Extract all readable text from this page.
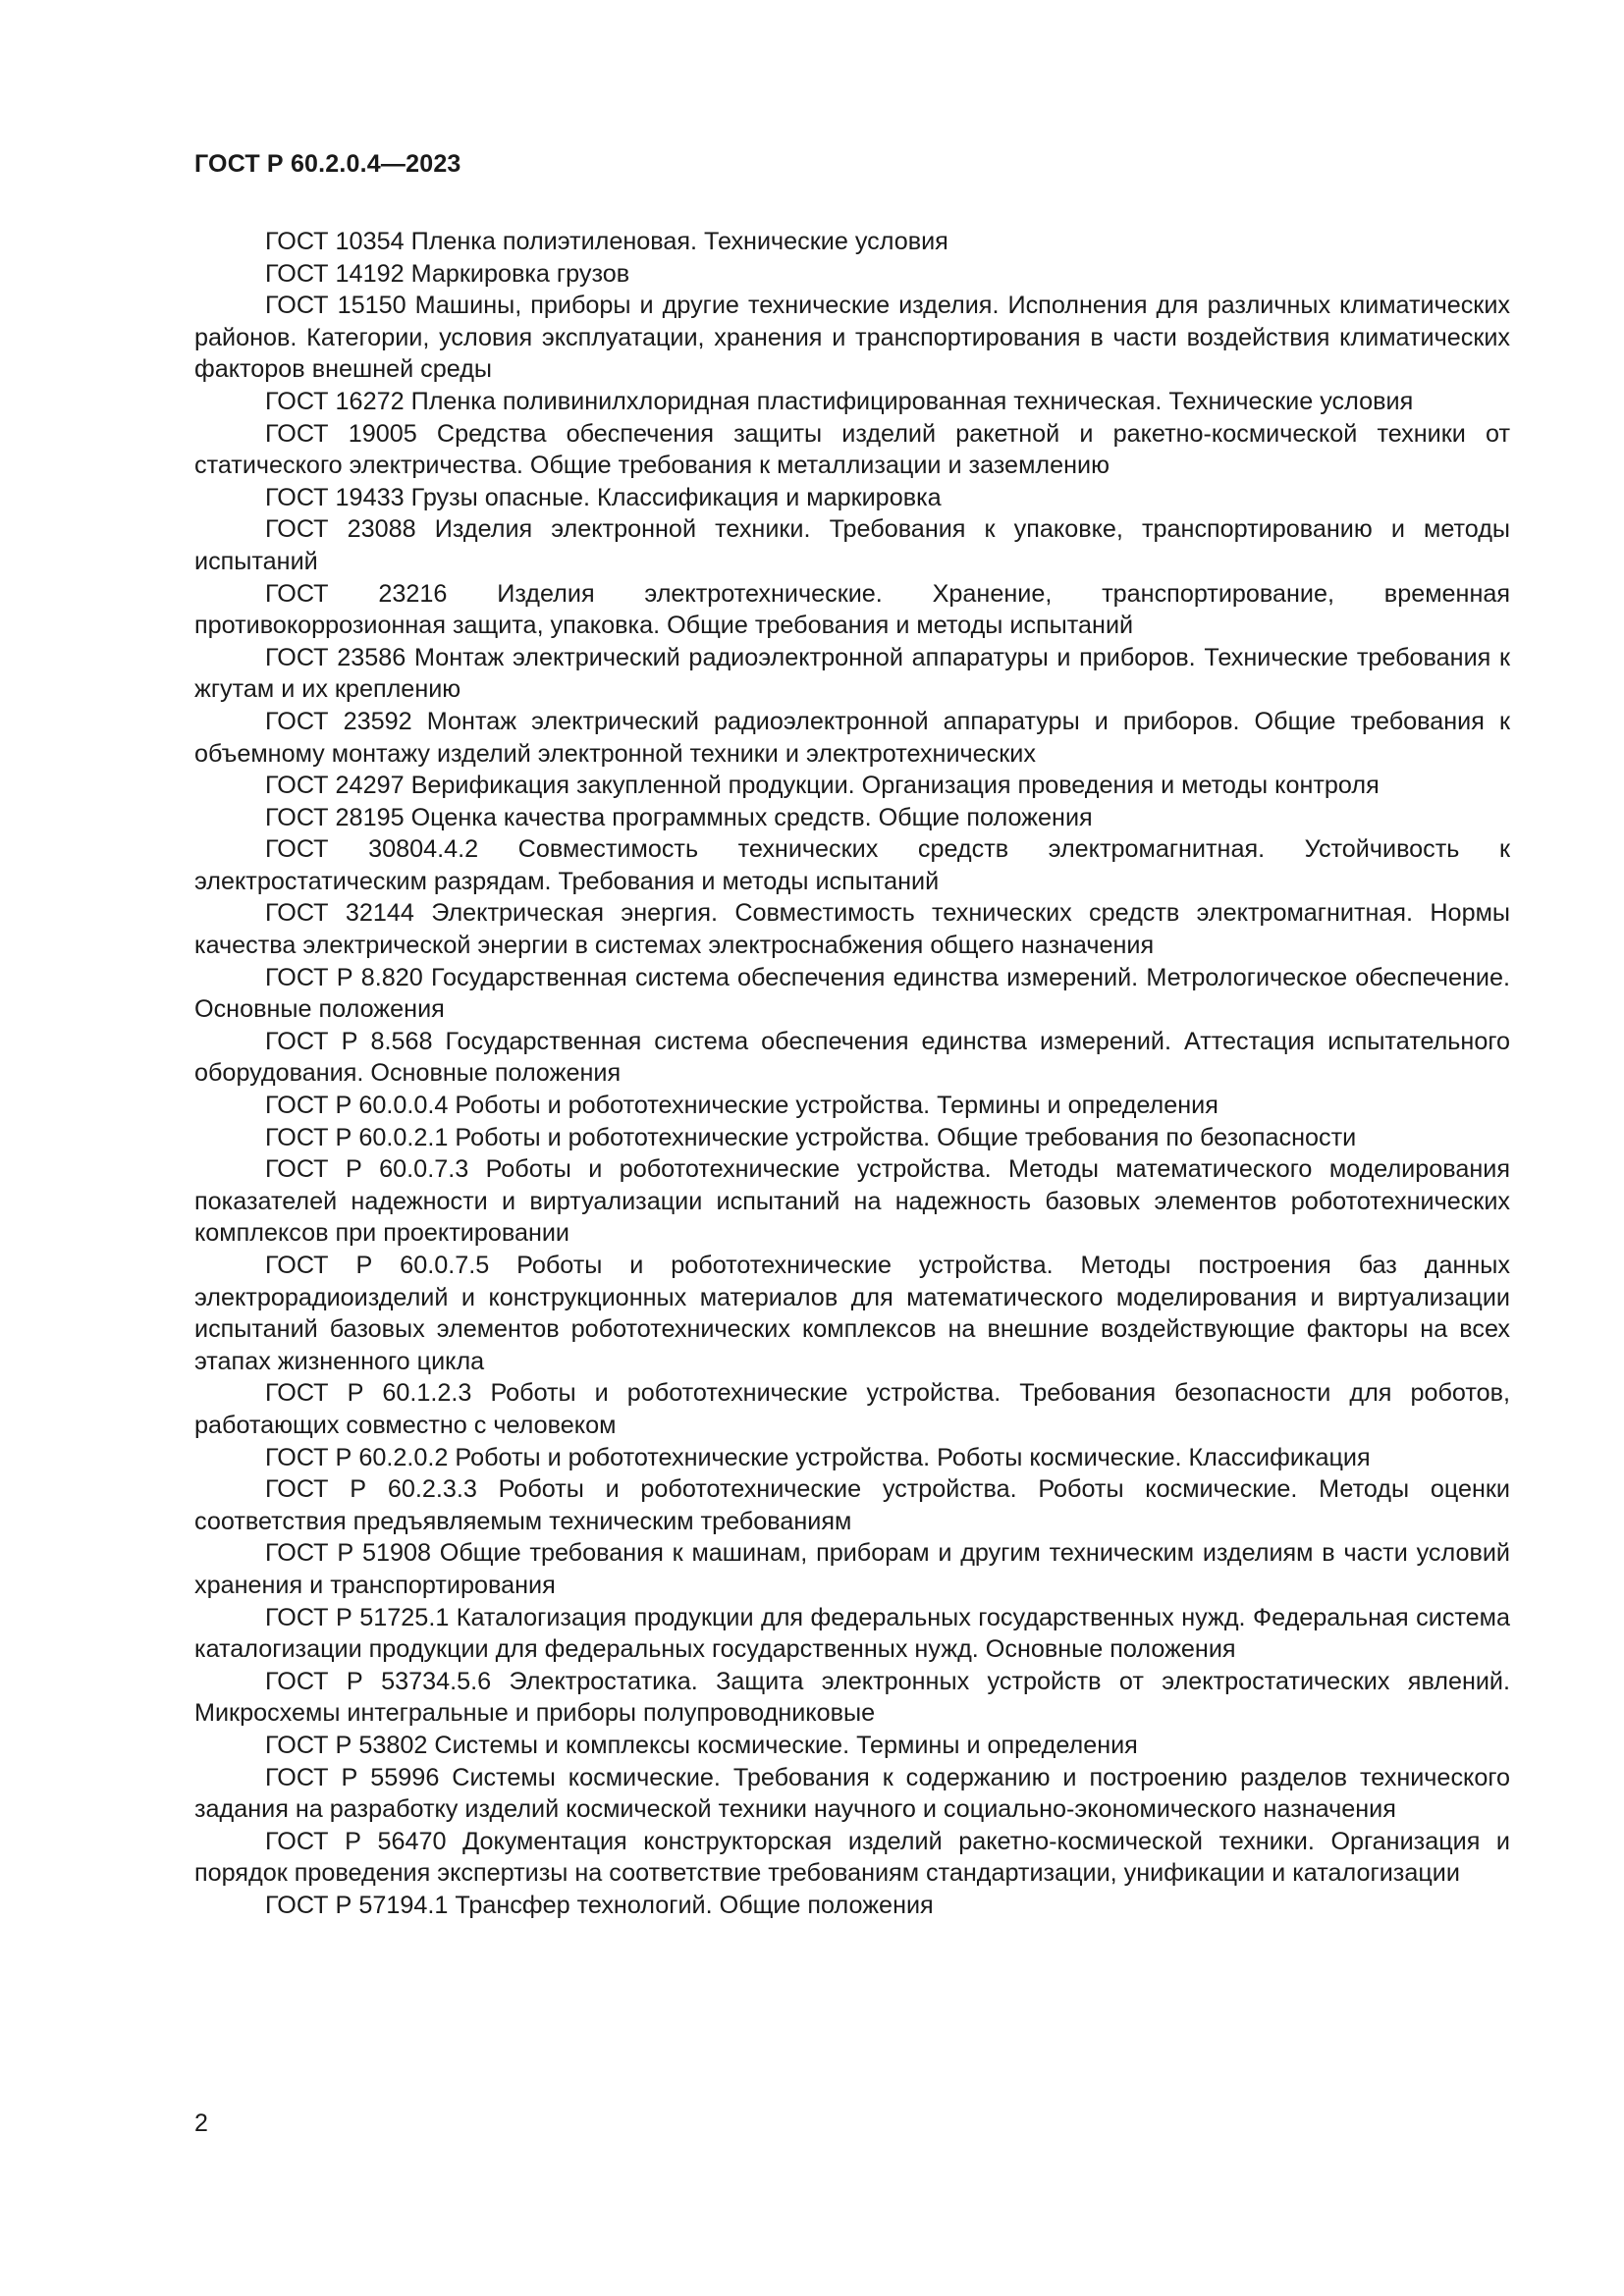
ГОСТ Р 60.2.0.4—2023
ГОСТ 10354 Пленка полиэтиленовая. Технические условия
ГОСТ 14192 Маркировка грузов
ГОСТ 15150 Машины, приборы и другие технические изделия. Исполнения для различных климатических районов. Категории, условия эксплуатации, хранения и транспортирования в части воздействия климатических факторов внешней среды
ГОСТ 16272 Пленка поливинилхлоридная пластифицированная техническая. Технические условия
ГОСТ 19005 Средства обеспечения защиты изделий ракетной и ракетно-космической техники от статического электричества. Общие требования к металлизации и заземлению
ГОСТ 19433 Грузы опасные. Классификация и маркировка
ГОСТ 23088 Изделия электронной техники. Требования к упаковке, транспортированию и методы испытаний
ГОСТ 23216 Изделия электротехнические. Хранение, транспортирование, временная противокоррозионная защита, упаковка. Общие требования и методы испытаний
ГОСТ 23586 Монтаж электрический радиоэлектронной аппаратуры и приборов. Технические требования к жгутам и их креплению
ГОСТ 23592 Монтаж электрический радиоэлектронной аппаратуры и приборов. Общие требования к объемному монтажу изделий электронной техники и электротехнических
ГОСТ 24297 Верификация закупленной продукции. Организация проведения и методы контроля
ГОСТ 28195 Оценка качества программных средств. Общие положения
ГОСТ 30804.4.2 Совместимость технических средств электромагнитная. Устойчивость к электростатическим разрядам. Требования и методы испытаний
ГОСТ 32144 Электрическая энергия. Совместимость технических средств электромагнитная. Нормы качества электрической энергии в системах электроснабжения общего назначения
ГОСТ Р 8.820 Государственная система обеспечения единства измерений. Метрологическое обеспечение. Основные положения
ГОСТ Р 8.568 Государственная система обеспечения единства измерений. Аттестация испытательного оборудования. Основные положения
ГОСТ Р 60.0.0.4 Роботы и робототехнические устройства. Термины и определения
ГОСТ Р 60.0.2.1 Роботы и робототехнические устройства. Общие требования по безопасности
ГОСТ Р 60.0.7.3 Роботы и робототехнические устройства. Методы математического моделирования показателей надежности и виртуализации испытаний на надежность базовых элементов робототехнических комплексов при проектировании
ГОСТ Р 60.0.7.5 Роботы и робототехнические устройства. Методы построения баз данных электрорадиоизделий и конструкционных материалов для математического моделирования и виртуализации испытаний базовых элементов робототехнических комплексов на внешние воздействующие факторы на всех этапах жизненного цикла
ГОСТ Р 60.1.2.3 Роботы и робототехнические устройства. Требования безопасности для роботов, работающих совместно с человеком
ГОСТ Р 60.2.0.2 Роботы и робототехнические устройства. Роботы космические. Классификация
ГОСТ Р 60.2.3.3 Роботы и робототехнические устройства. Роботы космические. Методы оценки соответствия предъявляемым техническим требованиям
ГОСТ Р 51908 Общие требования к машинам, приборам и другим техническим изделиям в части условий хранения и транспортирования
ГОСТ Р 51725.1 Каталогизация продукции для федеральных государственных нужд. Федеральная система каталогизации продукции для федеральных государственных нужд. Основные положения
ГОСТ Р 53734.5.6 Электростатика. Защита электронных устройств от электростатических явлений. Микросхемы интегральные и приборы полупроводниковые
ГОСТ Р 53802 Системы и комплексы космические. Термины и определения
ГОСТ Р 55996 Системы космические. Требования к содержанию и построению разделов технического задания на разработку изделий космической техники научного и социально-экономического назначения
ГОСТ Р 56470 Документация конструкторская изделий ракетно-космической техники. Организация и порядок проведения экспертизы на соответствие требованиям стандартизации, унификации и каталогизации
ГОСТ Р 57194.1 Трансфер технологий. Общие положения
2
